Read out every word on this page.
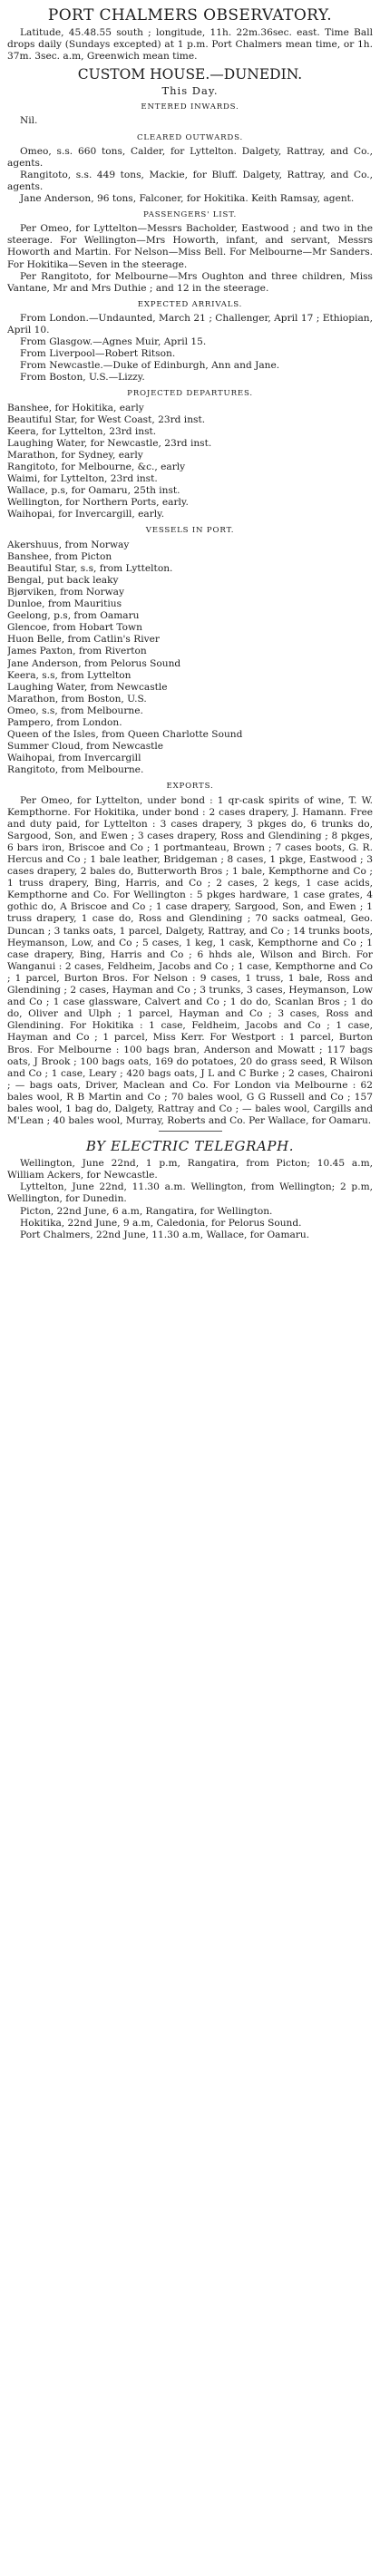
PORT CHALMERS OBSERVATORY.
Latitude, 45.48.55 south ; longitude, 11h. 22m.36sec. east. Time Ball drops daily (Sundays excepted) at 1 p.m. Port Chalmers mean time, or 1h. 37m. 3sec. a.m, Greenwich mean time.
CUSTOM HOUSE.—DUNEDIN.
This Day.
ENTERED INWARDS.
Nil.
CLEARED OUTWARDS.
Omeo, s.s. 660 tons, Calder, for Lyttelton. Dalgety, Rattray, and Co., agents.
Rangitoto, s.s. 449 tons, Mackie, for Bluff. Dalgety, Rattray, and Co., agents.
Jane Anderson, 96 tons, Falconer, for Hokitika. Keith Ramsay, agent.
PASSENGERS' LIST.
Per Omeo, for Lyttelton—Messrs Bacholder, Eastwood ; and two in the steerage. For Wellington—Mrs Howorth, infant, and servant, Messrs Howorth and Martin. For Nelson—Miss Bell. For Melbourne—Mr Sanders. For Hokitika—Seven in the steerage.
Per Rangitoto, for Melbourne—Mrs Oughton and three children, Miss Vantane, Mr and Mrs Duthie ; and 12 in the steerage.
EXPECTED ARRIVALS.
From London.—Undaunted, March 21 ; Challenger, April 17 ; Ethiopian, April 10.
From Glasgow.—Agnes Muir, April 15.
From Liverpool—Robert Ritson.
From Newcastle.—Duke of Edinburgh, Ann and Jane.
From Boston, U.S.—Lizzy.
PROJECTED DEPARTURES.
Banshee, for Hokitika, early
Beautiful Star, for West Coast, 23rd inst.
Keera, for Lyttelton, 23rd inst.
Laughing Water, for Newcastle, 23rd inst.
Marathon, for Sydney, early
Rangitoto, for Melbourne, &c., early
Waimi, for Lyttelton, 23rd inst.
Wallace, p.s, for Oamaru, 25th inst.
Wellington, for Northern Ports, early.
Waihopai, for Invercargill, early.
VESSELS IN PORT.
Akershuus, from Norway
Banshee, from Picton
Beautiful Star, s.s, from Lyttelton.
Bengal, put back leaky
Bjørviken, from Norway
Dunloe, from Mauritius
Geelong, p.s, from Oamaru
Glencoe, from Hobart Town
Huon Belle, from Catlin's River
James Paxton, from Riverton
Jane Anderson, from Pelorus Sound
Keera, s.s, from Lyttelton
Laughing Water, from Newcastle
Marathon, from Boston, U.S.
Omeo, s.s, from Melbourne.
Pampero, from London.
Queen of the Isles, from Queen Charlotte Sound
Summer Cloud, from Newcastle
Waihopai, from Invercargill
Rangitoto, from Melbourne.
EXPORTS.
Per Omeo, for Lyttelton, under bond : 1 qr-cask spirits of wine, T. W. Kempthorne. For Hokitika, under bond : 2 cases drapery, J. Hamann. Free and duty paid, for Lyttelton : 3 cases drapery, 3 pkges do, 6 trunks do, Sargood, Son, and Ewen ; 3 cases drapery, Ross and Glendining ; 8 pkges, 6 bars iron, Briscoe and Co ; 1 portmanteau, Brown ; 7 cases boots, G. R. Hercus and Co ; 1 bale leather, Bridgeman ; 8 cases, 1 pkge, Eastwood ; 3 cases drapery, 2 bales do, Butterworth Bros ; 1 bale, Kempthorne and Co ; 1 truss drapery, Bing, Harris, and Co ; 2 cases, 2 kegs, 1 case acids, Kempthorne and Co. For Wellington : 5 pkges hardware, 1 case grates, 4 gothic do, A Briscoe and Co ; 1 case drapery, Sargood, Son, and Ewen ; 1 truss drapery, 1 case do, Ross and Glendining ; 70 sacks oatmeal, Geo. Duncan ; 3 tanks oats, 1 parcel, Dalgety, Rattray, and Co ; 14 trunks boots, Heymanson, Low, and Co ; 5 cases, 1 keg, 1 cask, Kempthorne and Co ; 1 case drapery, Bing, Harris and Co ; 6 hhds ale, Wilson and Birch. For Wanganui : 2 cases, Feldheim, Jacobs and Co ; 1 case, Kempthorne and Co ; 1 parcel, Burton Bros. For Nelson : 9 cases, 1 truss, 1 bale, Ross and Glendining ; 2 cases, Hayman and Co ; 3 trunks, 3 cases, Heymanson, Low and Co ; 1 case glassware, Calvert and Co ; 1 do do, Scanlan Bros ; 1 do do, Oliver and Ulph ; 1 parcel, Hayman and Co ; 3 cases, Ross and Glendining. For Hokitika : 1 case, Feldheim, Jacobs and Co ; 1 case, Hayman and Co ; 1 parcel, Miss Kerr. For Westport : 1 parcel, Burton Bros. For Melbourne : 100 bags bran, Anderson and Mowatt ; 117 bags oats, J Brook ; 100 bags oats, 169 do potatoes, 20 do grass seed, R Wilson and Co ; 1 case, Leary ; 420 bags oats, J L and C Burke ; 2 cases, Chaironi ; — bags oats, Driver, Maclean and Co. For London via Melbourne : 62 bales wool, R B Martin and Co ; 70 bales wool, G G Russell and Co ; 157 bales wool, 1 bag do, Dalgety, Rattray and Co ; — bales wool, Cargills and M'Lean ; 40 bales wool, Murray, Roberts and Co. Per Wallace, for Oamaru.
BY ELECTRIC TELEGRAPH.
Wellington, June 22nd, 1 p.m, Rangatira, from Picton; 10.45 a.m, William Ackers, for Newcastle.
Lyttelton, June 22nd, 11.30 a.m. Wellington, from Wellington; 2 p.m, Wellington, for Dunedin.
Picton, 22nd June, 6 a.m, Rangatira, for Wellington.
Hokitika, 22nd June, 9 a.m, Caledonia, for Pelorus Sound.
Port Chalmers, 22nd June, 11.30 a.m, Wallace, for Oamaru.
